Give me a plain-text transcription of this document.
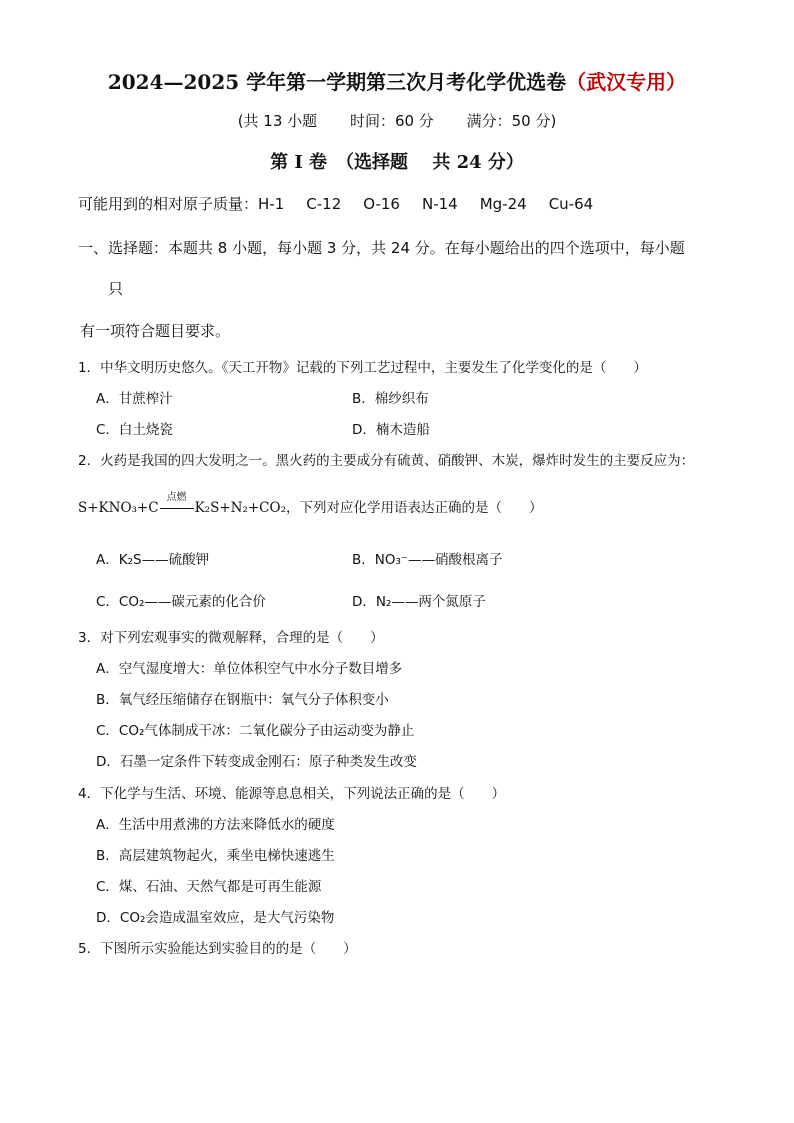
2024—2025 学年第一学期第三次月考化学优选卷（武汉专用）
(共 13 小题 时间：60 分 满分：50 分)
第 I 卷　（选择题　 共 24 分）
可能用到的相对原子质量：H-1 C-12 O-16 N-14 Mg-24 Cu-64
一、选择题：本题共 8 小题，每小题 3 分，共 24 分。在每小题给出的四个选项中，每小题
只
有一项符合题目要求。
1．中华文明历史悠久。《天工开物》记载的下列工艺过程中，主要发生了化学变化的是（　　）
A．甘蔗榨汁	B．棉纱织布
C．白土烧瓷	D．楠木造船
2．火药是我国的四大发明之一。黑火药的主要成分有硫黄、硝酸钾、木炭，爆炸时发生的主要反应为：
S+KNO₃+C
点燃
K₂S+N₂+CO₂，下列对应化学用语表达正确的是（　　）
A．K₂S——硫酸钾	B．NO₃⁻——硝酸根离子
C．CO₂——碳元素的化合价	D．N₂——两个氮原子
3．对下列宏观事实的微观解释，合理的是（　　）
A．空气湿度增大：单位体积空气中水分子数目增多
B．氧气经压缩储存在钢瓶中：氧气分子体积变小
C．CO₂气体制成干冰：二氧化碳分子由运动变为静止
D．石墨一定条件下转变成金刚石：原子种类发生改变
4．下化学与生活、环境、能源等息息相关，下列说法正确的是（　　）
A．生活中用煮沸的方法来降低水的硬度
B．高层建筑物起火，乘坐电梯快速逃生
C．煤、石油、天然气都是可再生能源
D．CO₂会造成温室效应，是大气污染物
5．下图所示实验能达到实验目的的是（　　）
